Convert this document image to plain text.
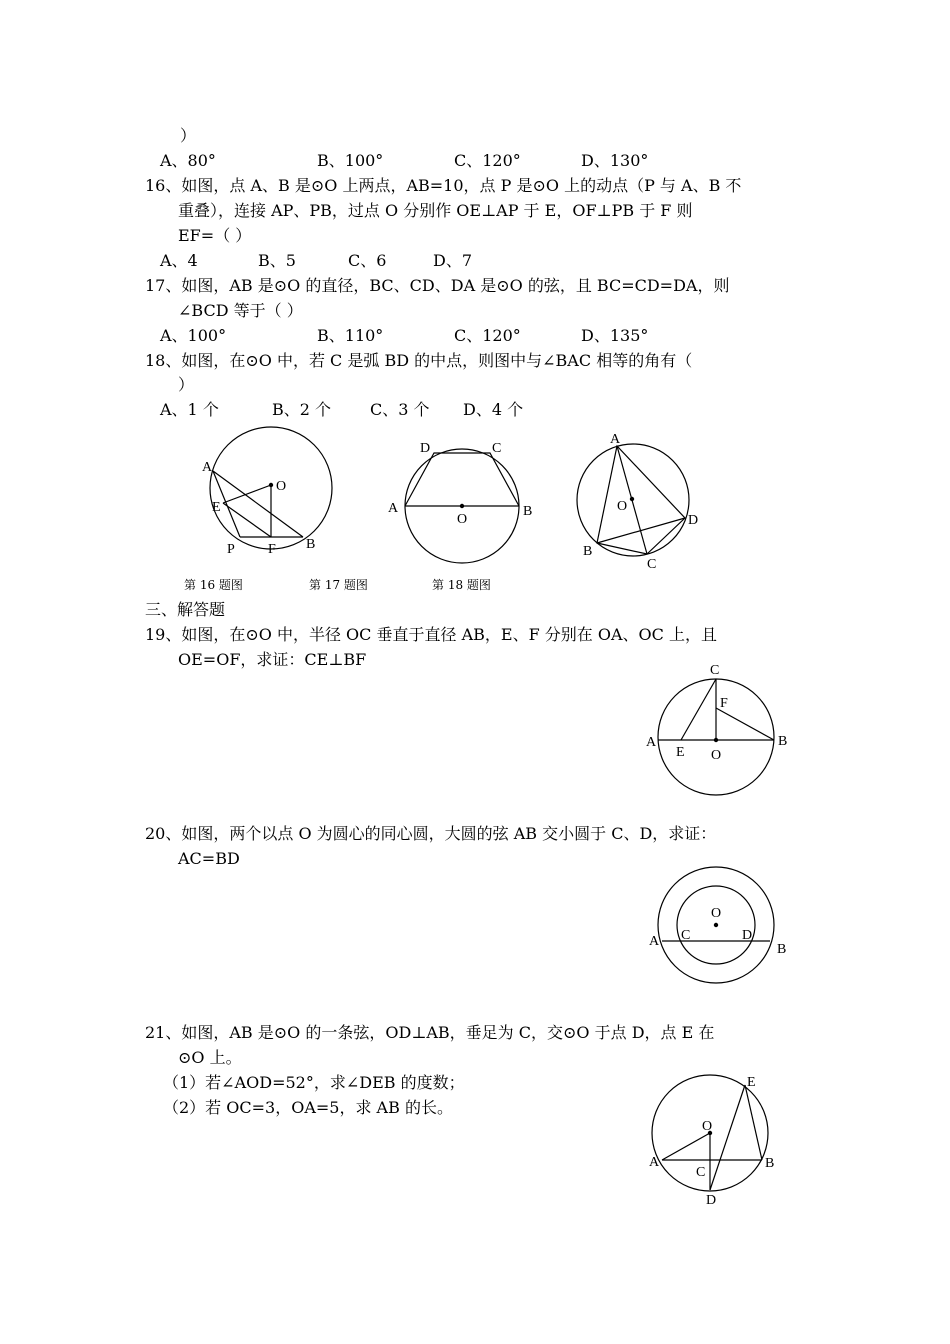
）
A、80°	B、100°	C、120°	D、130°
16、如图，点 A、B 是⊙O 上两点，AB=10，点 P 是⊙O 上的动点（P 与 A、B 不
重叠），连接 AP、PB，过点 O 分别作 OE⊥AP 于 E，OF⊥PB 于 F 则
EF=（ ）
A、4	B、5	C、6	D、7
17、如图，AB 是⊙O 的直径，BC、CD、DA 是⊙O 的弦，且 BC=CD=DA，则
∠BCD 等于（ ）
A、100°	B、110°	C、120°	D、135°
18、如图，在⊙O 中，若 C 是弧 BD 的中点，则图中与∠BAC 相等的角有（
）
A、1 个	B、2 个 C、3 个 D、4 个
A
O
E
P F B
D	C
A
O
B
A
O
D
B
C
第 16 题图	第 17 题图	第 18 题图
三、解答题
19、如图，在⊙O 中，半径 OC 垂直于直径 AB，E、F 分别在 OA、OC 上，且
OE=OF，求证：CE⊥BF
C
F
A
E O
B
20、如图，两个以点 O 为圆心的同心圆，大圆的弦 AB 交小圆于 C、D，求证：
AC=BD
O
A C	D
B
21、如图，AB 是⊙O 的一条弦，OD⊥AB，垂足为 C，交⊙O 于点 D，点 E 在
⊙O 上。
（1）若∠AOD=52°，求∠DEB 的度数；
（2）若 OC=3，OA=5，求 AB 的长。
E
O
A
C
B
D
